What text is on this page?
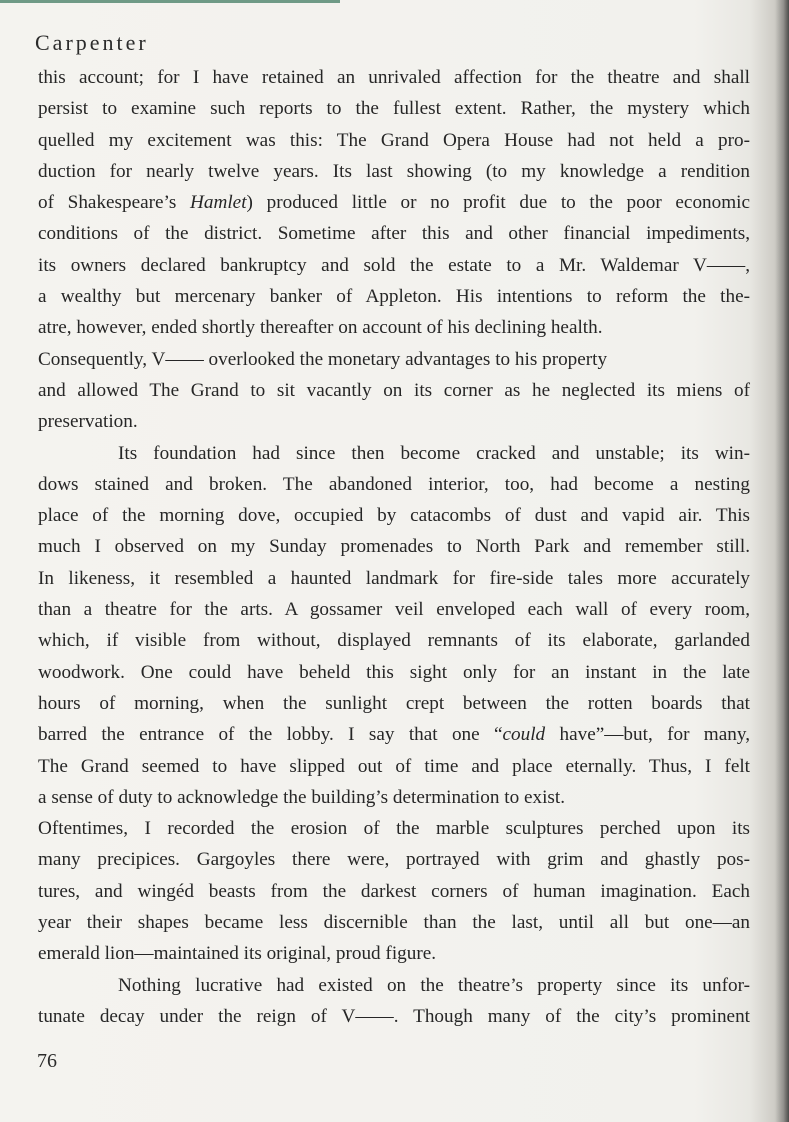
Carpenter
this account; for I have retained an unrivaled affection for the theatre and shall
persist to examine such reports to the fullest extent. Rather, the mystery which
quelled my excitement was this: The Grand Opera House had not held a pro-
duction for nearly twelve years. Its last showing (to my knowledge a rendition
of Shakespeare’s Hamlet) produced little or no profit due to the poor economic
conditions of the district. Sometime after this and other financial impediments,
its owners declared bankruptcy and sold the estate to a Mr. Waldemar V——,
a wealthy but mercenary banker of Appleton. His intentions to reform the the-
atre, however, ended shortly thereafter on account of his declining health.
Consequently, V—— overlooked the monetary advantages to his property
and allowed The Grand to sit vacantly on its corner as he neglected its miens of
preservation.
Its foundation had since then become cracked and unstable; its win-
dows stained and broken. The abandoned interior, too, had become a nesting
place of the morning dove, occupied by catacombs of dust and vapid air. This
much I observed on my Sunday promenades to North Park and remember still.
In likeness, it resembled a haunted landmark for fire-side tales more accurately
than a theatre for the arts. A gossamer veil enveloped each wall of every room,
which, if visible from without, displayed remnants of its elaborate, garlanded
woodwork. One could have beheld this sight only for an instant in the late
hours of morning, when the sunlight crept between the rotten boards that
barred the entrance of the lobby. I say that one “could have”—but, for many,
The Grand seemed to have slipped out of time and place eternally. Thus, I felt
a sense of duty to acknowledge the building’s determination to exist.
Oftentimes, I recorded the erosion of the marble sculptures perched upon its
many precipices. Gargoyles there were, portrayed with grim and ghastly pos-
tures, and wingéd beasts from the darkest corners of human imagination. Each
year their shapes became less discernible than the last, until all but one—an
emerald lion—maintained its original, proud figure.
Nothing lucrative had existed on the theatre’s property since its unfor-
tunate decay under the reign of V——. Though many of the city’s prominent
76
